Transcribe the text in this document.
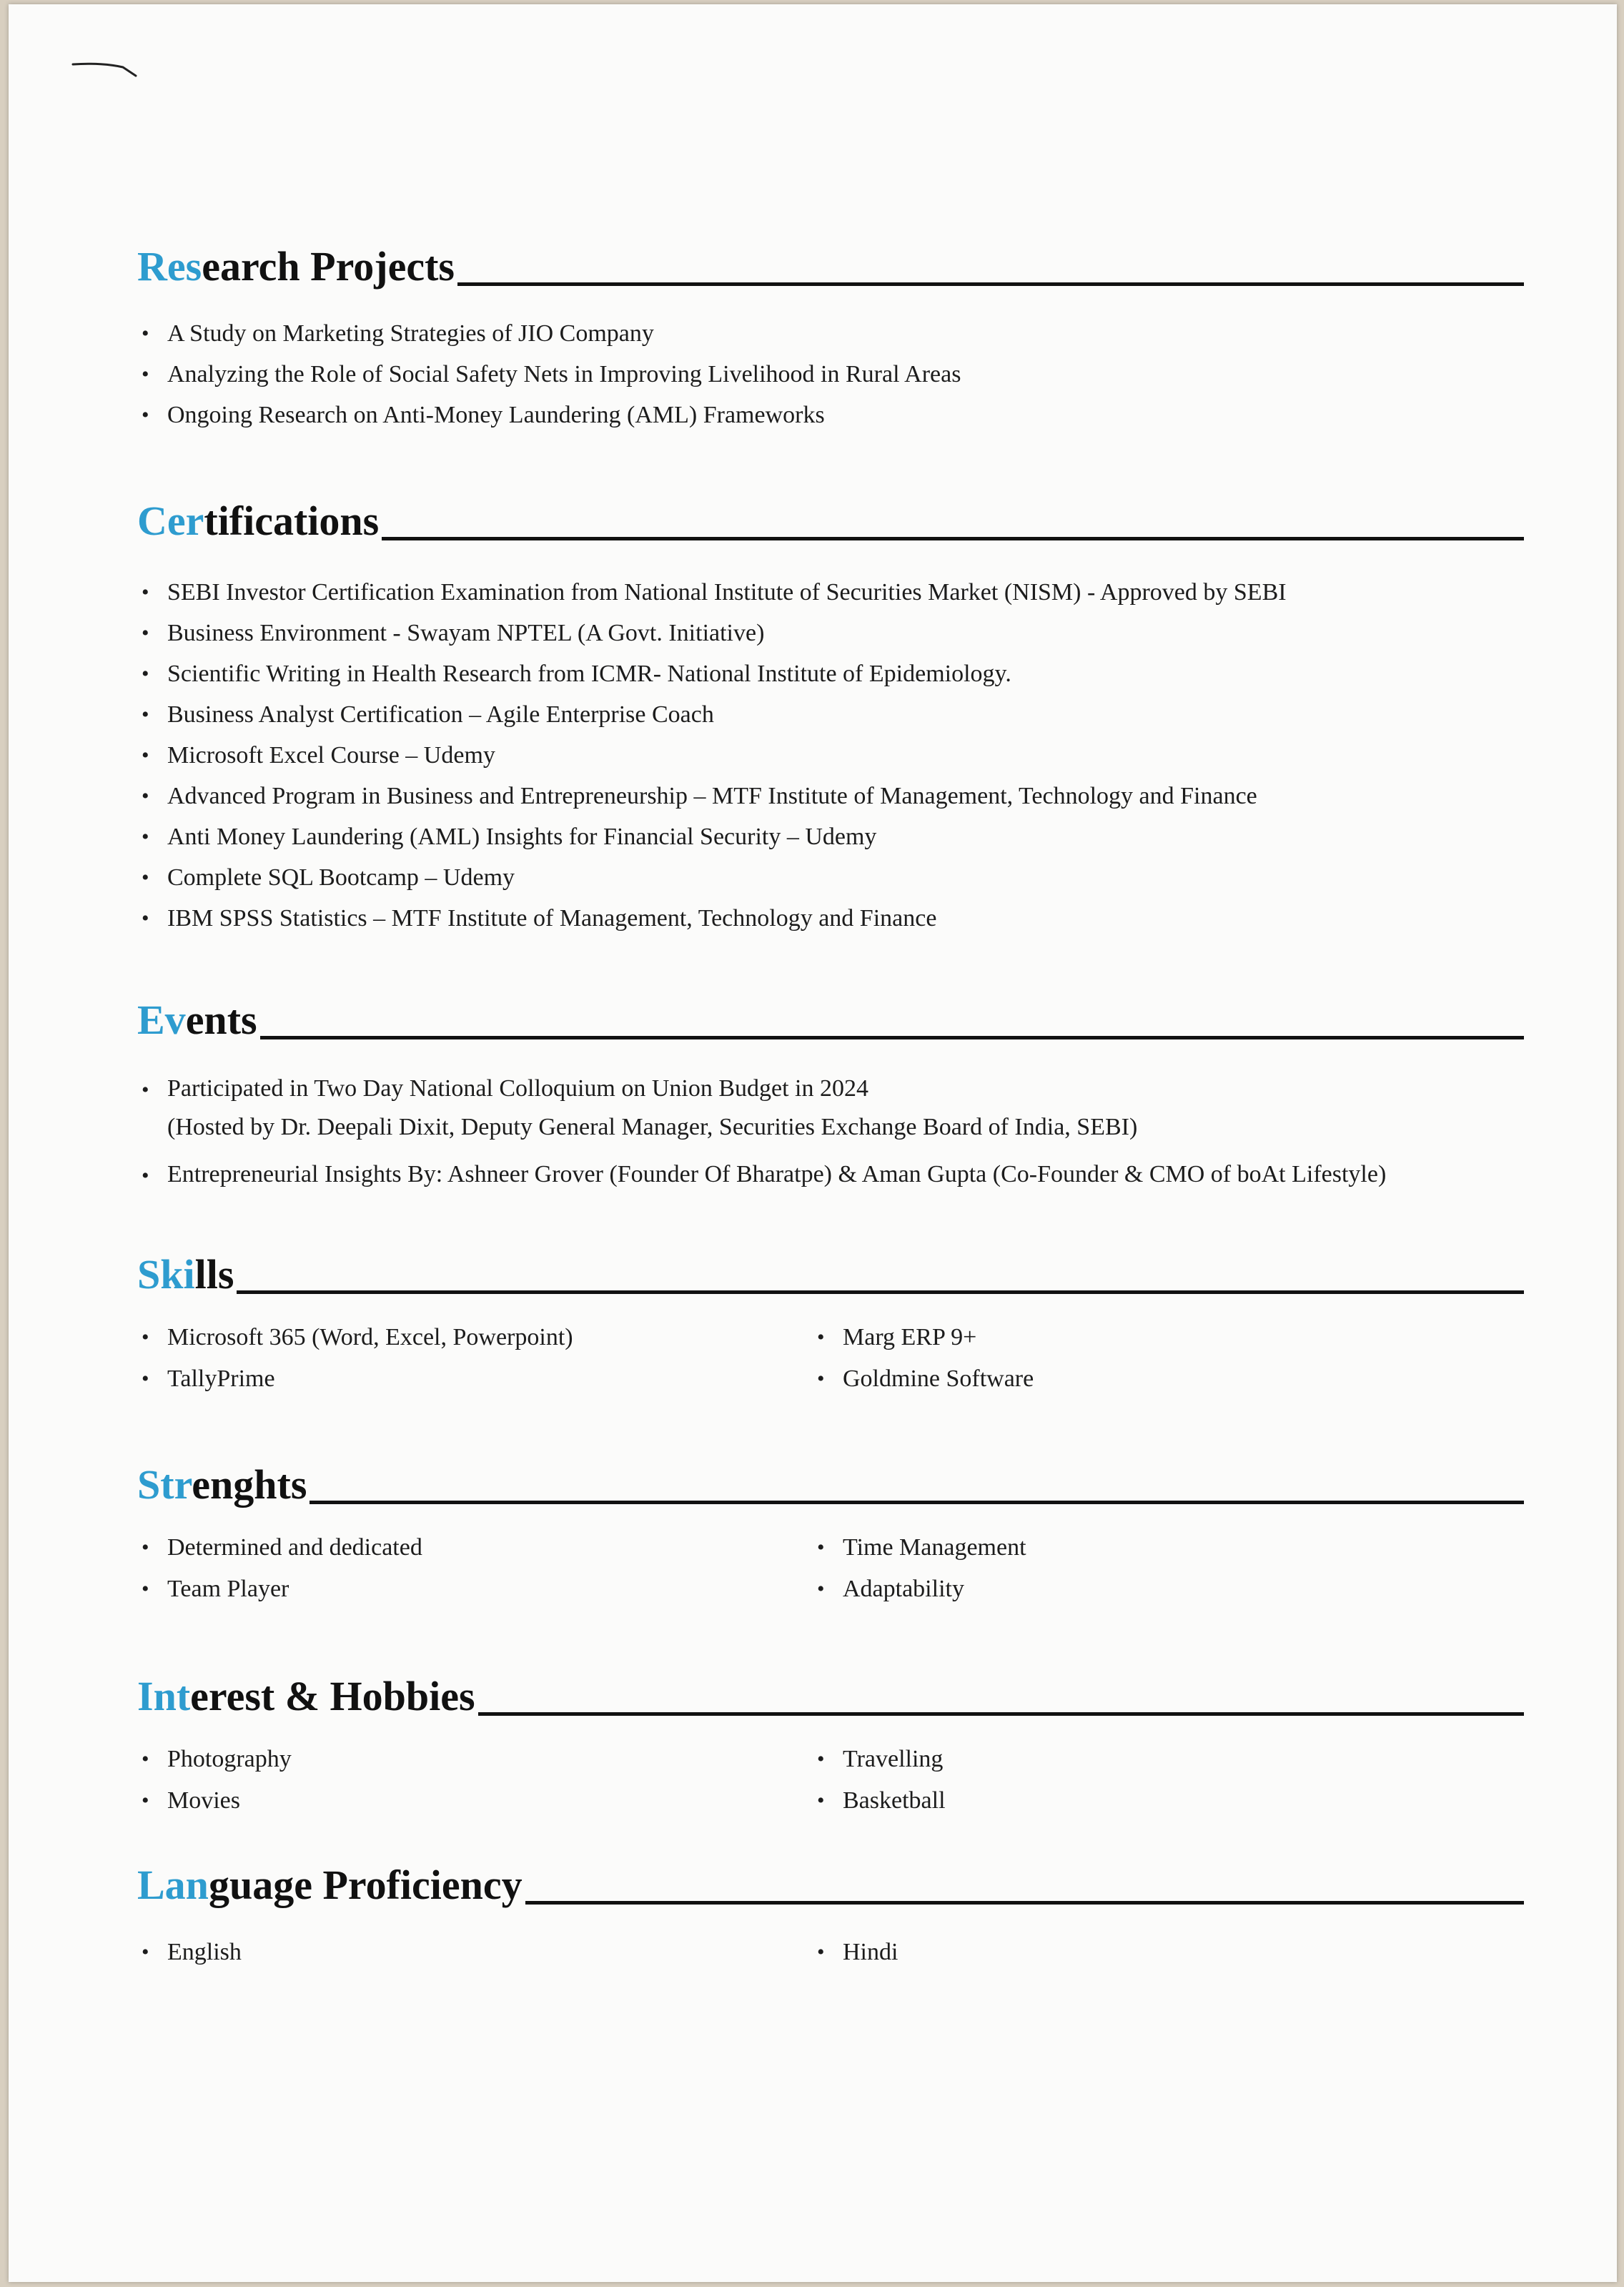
Research Projects
• A Study on Marketing Strategies of JIO Company
• Analyzing the Role of Social Safety Nets in Improving Livelihood in Rural Areas
• Ongoing Research on Anti-Money Laundering (AML) Frameworks
Certifications
• SEBI Investor Certification Examination from National Institute of Securities Market (NISM) - Approved by SEBI
• Business Environment - Swayam NPTEL (A Govt. Initiative)
• Scientific Writing in Health Research from ICMR- National Institute of Epidemiology.
• Business Analyst Certification – Agile Enterprise Coach
• Microsoft Excel Course – Udemy
• Advanced Program in Business and Entrepreneurship – MTF Institute of Management, Technology and Finance
• Anti Money Laundering (AML) Insights for Financial Security – Udemy
• Complete SQL Bootcamp – Udemy
• IBM SPSS Statistics – MTF Institute of Management, Technology and Finance
Events
• Participated in Two Day National Colloquium on Union Budget in 2024
(Hosted by Dr. Deepali Dixit, Deputy General Manager, Securities Exchange Board of India, SEBI)
• Entrepreneurial Insights By: Ashneer Grover (Founder Of Bharatpe) & Aman Gupta (Co-Founder & CMO of boAt Lifestyle)
Skills
• Microsoft 365 (Word, Excel, Powerpoint)
• TallyPrime
• Marg ERP 9+
• Goldmine Software
Strenghts
• Determined and dedicated
• Team Player
• Time Management
• Adaptability
Interest & Hobbies
• Photography
• Movies
• Travelling
• Basketball
Language Proficiency
• English
•	Hindi
